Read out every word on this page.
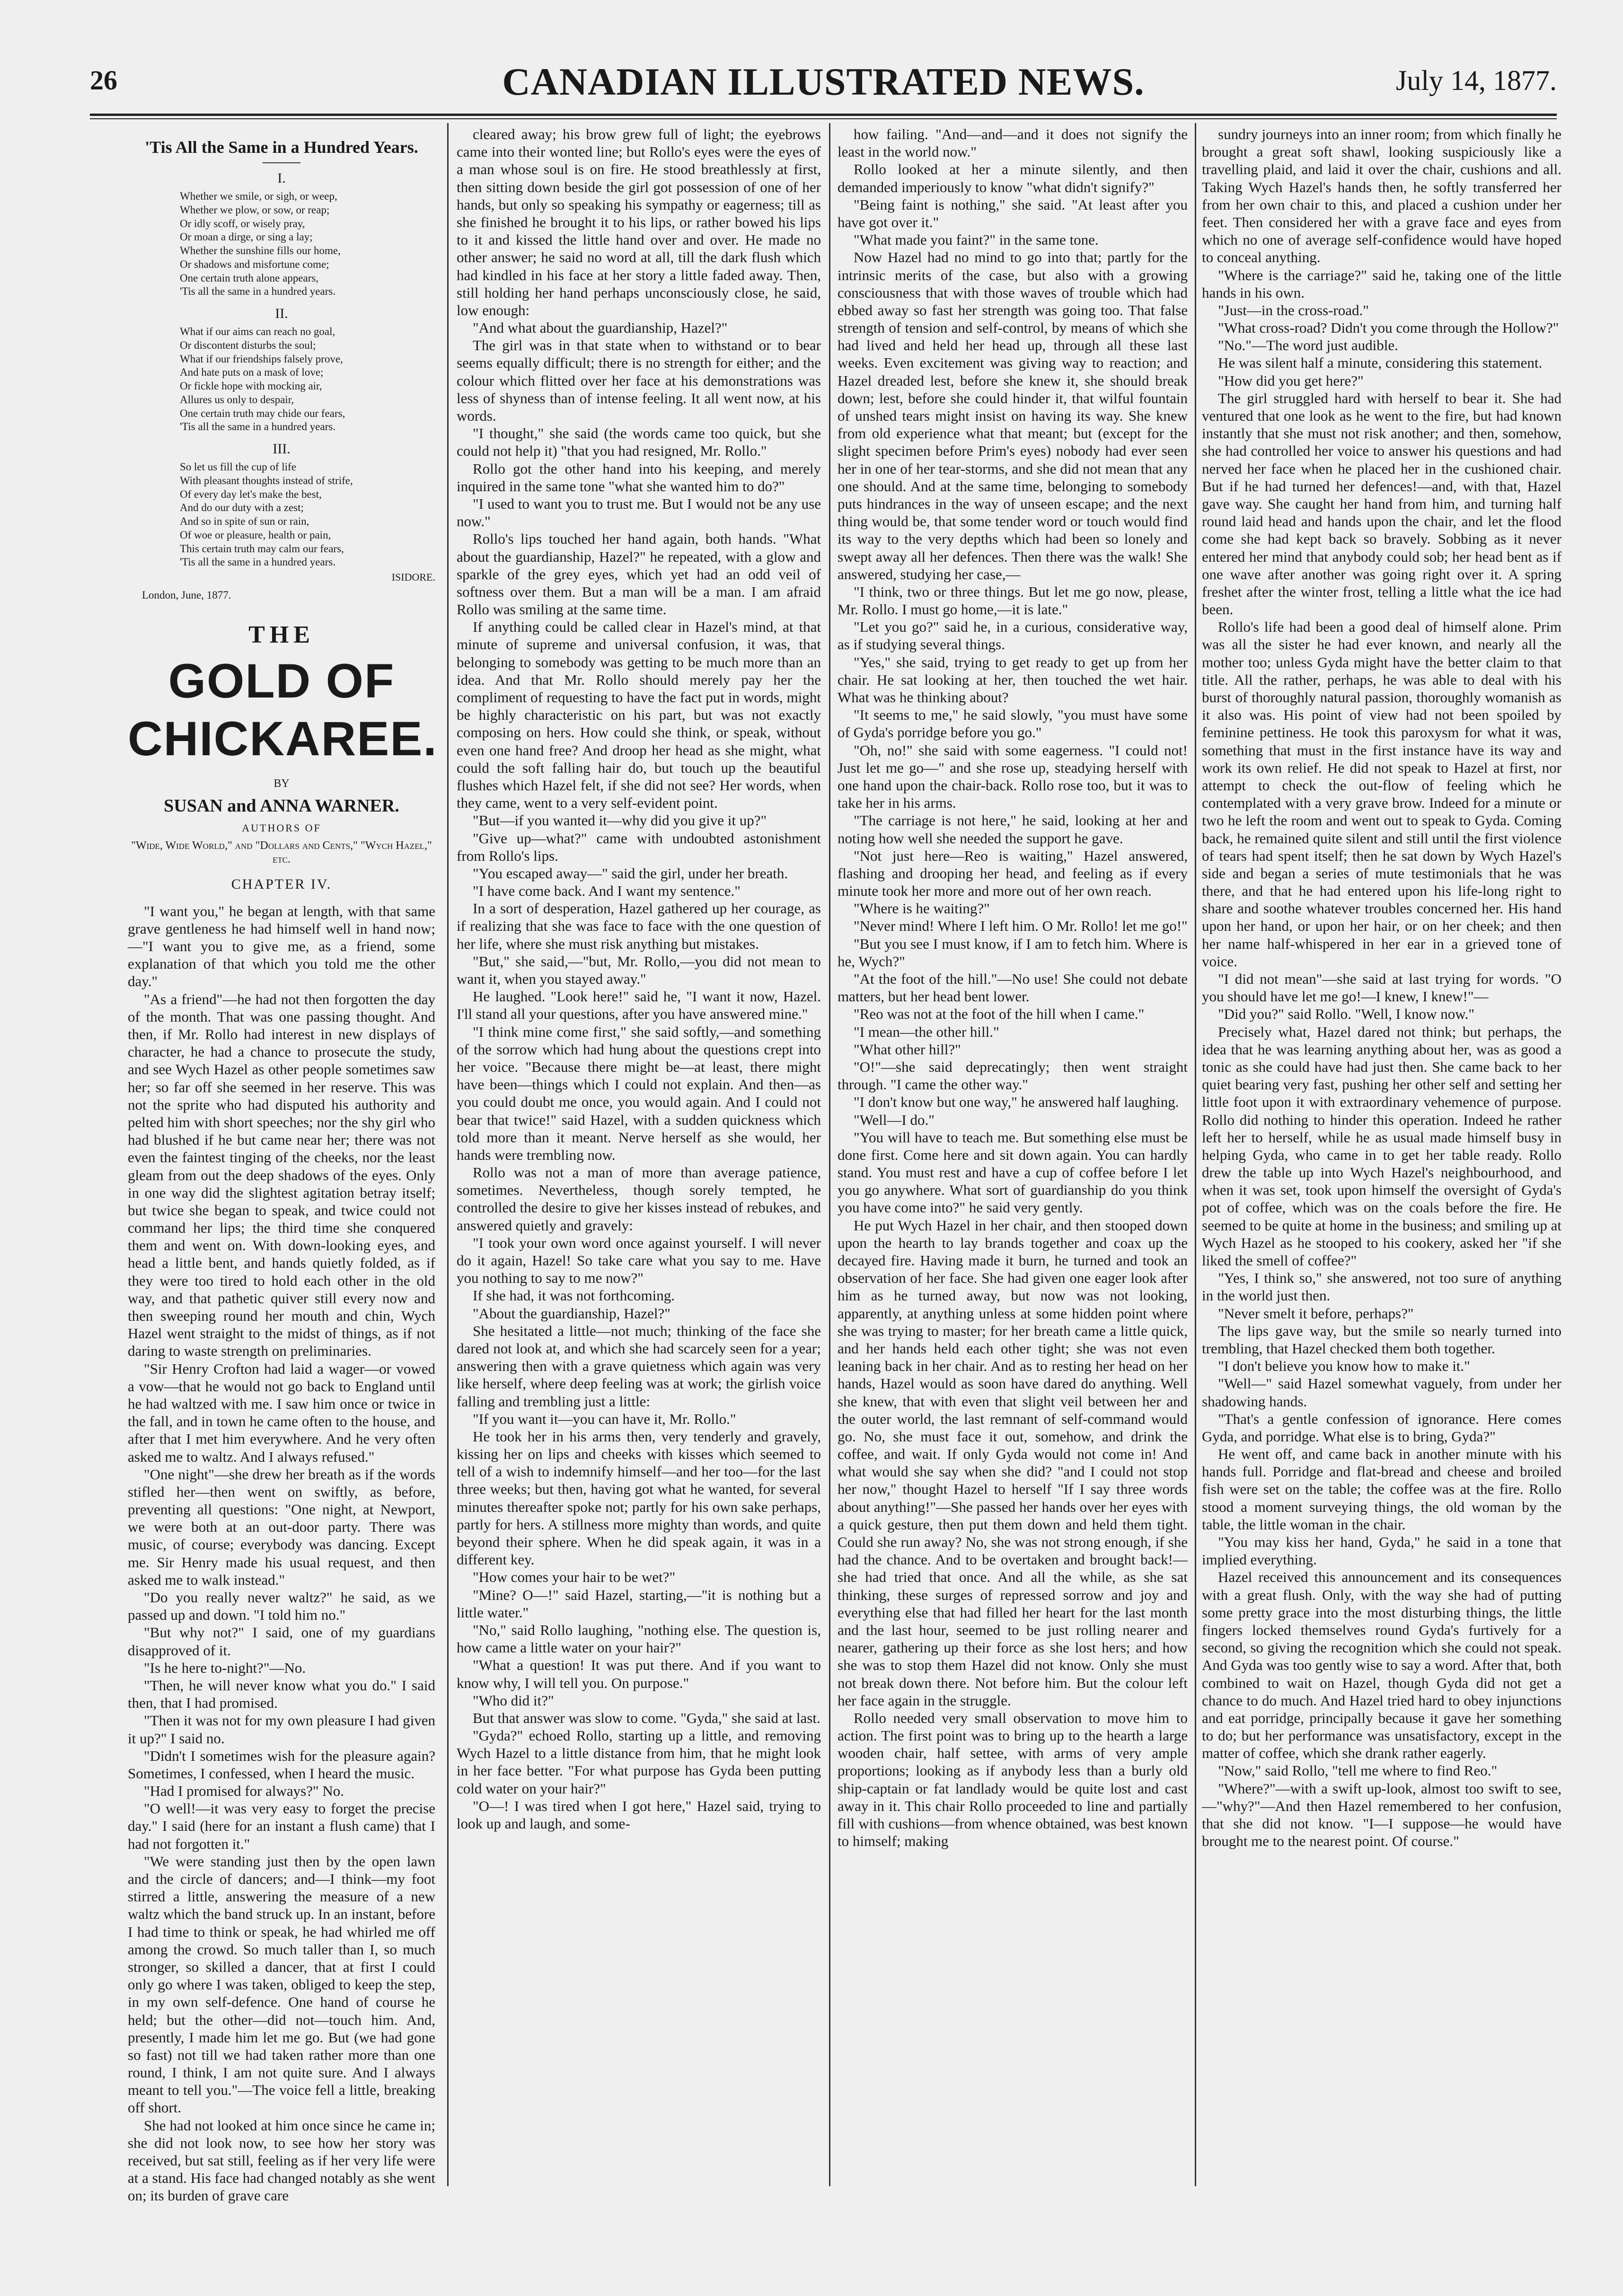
26	CANADIAN ILLUSTRATED NEWS.	July 14, 1877.
'Tis All the Same in a Hundred Years.
I.
Whether we smile, or sigh, or weep,
Whether we plow, or sow, or reap;
Or idly scoff, or wisely pray,
Or moan a dirge, or sing a lay;
Whether the sunshine fills our home,
Or shadows and misfortune come;
One certain truth alone appears,
'Tis all the same in a hundred years.
II.
What if our aims can reach no goal,
Or discontent disturbs the soul;
What if our friendships falsely prove,
And hate puts on a mask of love;
Or fickle hope with mocking air,
Allures us only to despair,
One certain truth may chide our fears,
'Tis all the same in a hundred years.
III.
So let us fill the cup of life
With pleasant thoughts instead of strife,
Of every day let's make the best,
And do our duty with a zest;
And so in spite of sun or rain,
Of woe or pleasure, health or pain,
This certain truth may calm our fears,
'Tis all the same in a hundred years.
ISIDORE.
London, June, 1877.
THE
GOLD OF CHICKAREE.
BY
SUSAN and ANNA WARNER.
AUTHORS OF
"Wide, Wide World," and "Dollars and Cents," "Wych Hazel," etc.
CHAPTER IV.

"I want you," he began at length, with that same grave gentleness he had himself well in hand now;—"I want you to give me, as a friend, some explanation of that which you told me the other day."

"As a friend"—he had not then forgotten the day of the month. That was one passing thought. And then, if Mr. Rollo had interest in new displays of character, he had a chance to prosecute the study, and see Wych Hazel as other people sometimes saw her; so far off she seemed in her reserve. This was not the sprite who had disputed his authority and pelted him with short speeches; nor the shy girl who had blushed if he but came near her; there was not even the faintest tinging of the cheeks, nor the least gleam from out the deep shadows of the eyes. Only in one way did the slightest agitation betray itself; but twice she began to speak, and twice could not command her lips; the third time she conquered them and went on. With down-looking eyes, and head a little bent, and hands quietly folded, as if they were too tired to hold each other in the old way, and that pathetic quiver still every now and then sweeping round her mouth and chin, Wych Hazel went straight to the midst of things, as if not daring to waste strength on preliminaries.

"Sir Henry Crofton had laid a wager—or vowed a vow—that he would not go back to England until he had waltzed with me. I saw him once or twice in the fall, and in town he came often to the house, and after that I met him everywhere. And he very often asked me to waltz. And I always refused."

"One night"—she drew her breath as if the words stifled her—then went on swiftly, as before, preventing all questions: "One night, at Newport, we were both at an out-door party. There was music, of course; everybody was dancing. Except me. Sir Henry made his usual request, and then asked me to walk instead."

"Do you really never waltz?" he said, as we passed up and down. "I told him no."

"But why not?" I said, one of my guardians disapproved of it.

"Is he here to-night?"—No.

"Then, he will never know what you do." I said then, that I had promised.

"Then it was not for my own pleasure I had given it up?" I said no.

"Didn't I sometimes wish for the pleasure again? Sometimes, I confessed, when I heard the music.

"Had I promised for always?" No.

"O well!—it was very easy to forget the precise day." I said (here for an instant a flush came) that I had not forgotten it."

"We were standing just then by the open lawn and the circle of dancers; and—I think—my foot stirred a little, answering the measure of a new waltz which the band struck up. In an instant, before I had time to think or speak, he had whirled me off among the crowd. So much taller than I, so much stronger, so skilled a dancer, that at first I could only go where I was taken, obliged to keep the step, in my own self-defence. One hand of course he held; but the other—did not—touch him. And, presently, I made him let me go. But (we had gone so fast) not till we had taken rather more than one round, I think, I am not quite sure. And I always meant to tell you."—The voice fell a little, breaking off short.

She had not looked at him once since he came in; she did not look now, to see how her story was received, but sat still, feeling as if her very life were at a stand. His face had changed notably as she went on; its burden of grave care

cleared away; his brow grew full of light; the eyebrows came into their wonted line; but Rollo's eyes were the eyes of a man whose soul is on fire. He stood breathlessly at first, then sitting down beside the girl got possession of one of her hands, but only so speaking his sympathy or eagerness; till as she finished he brought it to his lips, or rather bowed his lips to it and kissed the little hand over and over. He made no other answer; he said no word at all, till the dark flush which had kindled in his face at her story a little faded away. Then, still holding her hand perhaps unconsciously close, he said, low enough:

"And what about the guardianship, Hazel?"

The girl was in that state when to withstand or to bear seems equally difficult; there is no strength for either; and the colour which flitted over her face at his demonstrations was less of shyness than of intense feeling. It all went now, at his words.

"I thought," she said (the words came too quick, but she could not help it) "that you had resigned, Mr. Rollo."

Rollo got the other hand into his keeping, and merely inquired in the same tone "what she wanted him to do?"

"I used to want you to trust me. But I would not be any use now."

Rollo's lips touched her hand again, both hands. "What about the guardianship, Hazel?" he repeated, with a glow and sparkle of the grey eyes, which yet had an odd veil of softness over them. But a man will be a man. I am afraid Rollo was smiling at the same time.

If anything could be called clear in Hazel's mind, at that minute of supreme and universal confusion, it was, that belonging to somebody was getting to be much more than an idea. And that Mr. Rollo should merely pay her the compliment of requesting to have the fact put in words, might be highly characteristic on his part, but was not exactly composing on hers. How could she think, or speak, without even one hand free? And droop her head as she might, what could the soft falling hair do, but touch up the beautiful flushes which Hazel felt, if she did not see? Her words, when they came, went to a very self-evident point.

"But—if you wanted it—why did you give it up?"

"Give up—what?" came with undoubted astonishment from Rollo's lips.

"You escaped away—" said the girl, under her breath.

"I have come back. And I want my sentence."

In a sort of desperation, Hazel gathered up her courage, as if realizing that she was face to face with the one question of her life, where she must risk anything but mistakes.

"But," she said,—"but, Mr. Rollo,—you did not mean to want it, when you stayed away."

He laughed. "Look here!" said he, "I want it now, Hazel. I'll stand all your questions, after you have answered mine."

"I think mine come first," she said softly,—and something of the sorrow which had hung about the questions crept into her voice. "Because there might be—at least, there might have been—things which I could not explain. And then—as you could doubt me once, you would again. And I could not bear that twice!" said Hazel, with a sudden quickness which told more than it meant. Nerve herself as she would, her hands were trembling now.

Rollo was not a man of more than average patience, sometimes. Nevertheless, though sorely tempted, he controlled the desire to give her kisses instead of rebukes, and answered quietly and gravely:

"I took your own word once against yourself. I will never do it again, Hazel! So take care what you say to me. Have you nothing to say to me now?"

If she had, it was not forthcoming.

"About the guardianship, Hazel?"

She hesitated a little—not much; thinking of the face she dared not look at, and which she had scarcely seen for a year; answering then with a grave quietness which again was very like herself, where deep feeling was at work; the girlish voice falling and trembling just a little:

"If you want it—you can have it, Mr. Rollo."

He took her in his arms then, very tenderly and gravely, kissing her on lips and cheeks with kisses which seemed to tell of a wish to indemnify himself—and her too—for the last three weeks; but then, having got what he wanted, for several minutes thereafter spoke not; partly for his own sake perhaps, partly for hers. A stillness more mighty than words, and quite beyond their sphere. When he did speak again, it was in a different key.

"How comes your hair to be wet?"

"Mine? O—!" said Hazel, starting,—"it is nothing but a little water."

"No," said Rollo laughing, "nothing else. The question is, how came a little water on your hair?"

"What a question! It was put there. And if you want to know why, I will tell you. On purpose."

"Who did it?"

But that answer was slow to come. "Gyda," she said at last.

"Gyda?" echoed Rollo, starting up a little, and removing Wych Hazel to a little distance from him, that he might look in her face better. "For what purpose has Gyda been putting cold water on your hair?"

"O—! I was tired when I got here," Hazel said, trying to look up and laugh, and some-

how failing. "And—and—and it does not signify the least in the world now."

Rollo looked at her a minute silently, and then demanded imperiously to know "what didn't signify?"

"Being faint is nothing," she said. "At least after you have got over it."

"What made you faint?" in the same tone.

Now Hazel had no mind to go into that; partly for the intrinsic merits of the case, but also with a growing consciousness that with those waves of trouble which had ebbed away so fast her strength was going too. That false strength of tension and self-control, by means of which she had lived and held her head up, through all these last weeks. Even excitement was giving way to reaction; and Hazel dreaded lest, before she knew it, she should break down; lest, before she could hinder it, that wilful fountain of unshed tears might insist on having its way. She knew from old experience what that meant; but (except for the slight specimen before Prim's eyes) nobody had ever seen her in one of her tear-storms, and she did not mean that any one should. And at the same time, belonging to somebody puts hindrances in the way of unseen escape; and the next thing would be, that some tender word or touch would find its way to the very depths which had been so lonely and swept away all her defences. Then there was the walk! She answered, studying her case,—

"I think, two or three things. But let me go now, please, Mr. Rollo. I must go home,—it is late."

"Let you go?" said he, in a curious, considerative way, as if studying several things.

"Yes," she said, trying to get ready to get up from her chair. He sat looking at her, then touched the wet hair. What was he thinking about?

"It seems to me," he said slowly, "you must have some of Gyda's porridge before you go."

"Oh, no!" she said with some eagerness. "I could not! Just let me go—" and she rose up, steadying herself with one hand upon the chair-back. Rollo rose too, but it was to take her in his arms.

"The carriage is not here," he said, looking at her and noting how well she needed the support he gave.

"Not just here—Reo is waiting," Hazel answered, flashing and drooping her head, and feeling as if every minute took her more and more out of her own reach.

"Where is he waiting?"

"Never mind! Where I left him. O Mr. Rollo! let me go!"

"But you see I must know, if I am to fetch him. Where is he, Wych?"

"At the foot of the hill."—No use! She could not debate matters, but her head bent lower.

"Reo was not at the foot of the hill when I came."

"I mean—the other hill."

"What other hill?"

"O!"—she said deprecatingly; then went straight through. "I came the other way."

"I don't know but one way," he answered half laughing.

"Well—I do."

"You will have to teach me. But something else must be done first. Come here and sit down again. You can hardly stand. You must rest and have a cup of coffee before I let you go anywhere. What sort of guardianship do you think you have come into?" he said very gently.

He put Wych Hazel in her chair, and then stooped down upon the hearth to lay brands together and coax up the decayed fire. Having made it burn, he turned and took an observation of her face. She had given one eager look after him as he turned away, but now was not looking, apparently, at anything unless at some hidden point where she was trying to master; for her breath came a little quick, and her hands held each other tight; she was not even leaning back in her chair. And as to resting her head on her hands, Hazel would as soon have dared do anything. Well she knew, that with even that slight veil between her and the outer world, the last remnant of self-command would go. No, she must face it out, somehow, and drink the coffee, and wait. If only Gyda would not come in! And what would she say when she did? "and I could not stop her now," thought Hazel to herself "If I say three words about anything!"—She passed her hands over her eyes with a quick gesture, then put them down and held them tight. Could she run away? No, she was not strong enough, if she had the chance. And to be overtaken and brought back!—she had tried that once. And all the while, as she sat thinking, these surges of repressed sorrow and joy and everything else that had filled her heart for the last month and the last hour, seemed to be just rolling nearer and nearer, gathering up their force as she lost hers; and how she was to stop them Hazel did not know. Only she must not break down there. Not before him. But the colour left her face again in the struggle.

Rollo needed very small observation to move him to action. The first point was to bring up to the hearth a large wooden chair, half settee, with arms of very ample proportions; looking as if anybody less than a burly old ship-captain or fat landlady would be quite lost and cast away in it. This chair Rollo proceeded to line and partially fill with cushions—from whence obtained, was best known to himself; making

sundry journeys into an inner room; from which finally he brought a great soft shawl, looking suspiciously like a travelling plaid, and laid it over the chair, cushions and all. Taking Wych Hazel's hands then, he softly transferred her from her own chair to this, and placed a cushion under her feet. Then considered her with a grave face and eyes from which no one of average self-confidence would have hoped to conceal anything.

"Where is the carriage?" said he, taking one of the little hands in his own.

"Just—in the cross-road."

"What cross-road? Didn't you come through the Hollow?"

"No."—The word just audible.

He was silent half a minute, considering this statement.

"How did you get here?"

The girl struggled hard with herself to bear it. She had ventured that one look as he went to the fire, but had known instantly that she must not risk another; and then, somehow, she had controlled her voice to answer his questions and had nerved her face when he placed her in the cushioned chair. But if he had turned her defences!—and, with that, Hazel gave way. She caught her hand from him, and turning half round laid head and hands upon the chair, and let the flood come she had kept back so bravely. Sobbing as it never entered her mind that anybody could sob; her head bent as if one wave after another was going right over it. A spring freshet after the winter frost, telling a little what the ice had been.

Rollo's life had been a good deal of himself alone. Prim was all the sister he had ever known, and nearly all the mother too; unless Gyda might have the better claim to that title. All the rather, perhaps, he was able to deal with his burst of thoroughly natural passion, thoroughly womanish as it also was. His point of view had not been spoiled by feminine pettiness. He took this paroxysm for what it was, something that must in the first instance have its way and work its own relief. He did not speak to Hazel at first, nor attempt to check the out-flow of feeling which he contemplated with a very grave brow. Indeed for a minute or two he left the room and went out to speak to Gyda. Coming back, he remained quite silent and still until the first violence of tears had spent itself; then he sat down by Wych Hazel's side and began a series of mute testimonials that he was there, and that he had entered upon his life-long right to share and soothe whatever troubles concerned her. His hand upon her hand, or upon her hair, or on her cheek; and then her name half-whispered in her ear in a grieved tone of voice.

"I did not mean"—she said at last trying for words. "O you should have let me go!—I knew, I knew!"—

"Did you?" said Rollo. "Well, I know now."

Precisely what, Hazel dared not think; but perhaps, the idea that he was learning anything about her, was as good a tonic as she could have had just then. She came back to her quiet bearing very fast, pushing her other self and setting her little foot upon it with extraordinary vehemence of purpose. Rollo did nothing to hinder this operation. Indeed he rather left her to herself, while he as usual made himself busy in helping Gyda, who came in to get her table ready. Rollo drew the table up into Wych Hazel's neighbourhood, and when it was set, took upon himself the oversight of Gyda's pot of coffee, which was on the coals before the fire. He seemed to be quite at home in the business; and smiling up at Wych Hazel as he stooped to his cookery, asked her "if she liked the smell of coffee?"

"Yes, I think so," she answered, not too sure of anything in the world just then.

"Never smelt it before, perhaps?"

The lips gave way, but the smile so nearly turned into trembling, that Hazel checked them both together.

"I don't believe you know how to make it."

"Well—" said Hazel somewhat vaguely, from under her shadowing hands.

"That's a gentle confession of ignorance. Here comes Gyda, and porridge. What else is to bring, Gyda?"

He went off, and came back in another minute with his hands full. Porridge and flat-bread and cheese and broiled fish were set on the table; the coffee was at the fire. Rollo stood a moment surveying things, the old woman by the table, the little woman in the chair.

"You may kiss her hand, Gyda," he said in a tone that implied everything.

Hazel received this announcement and its consequences with a great flush. Only, with the way she had of putting some pretty grace into the most disturbing things, the little fingers locked themselves round Gyda's furtively for a second, so giving the recognition which she could not speak. And Gyda was too gently wise to say a word. After that, both combined to wait on Hazel, though Gyda did not get a chance to do much. And Hazel tried hard to obey injunctions and eat porridge, principally because it gave her something to do; but her performance was unsatisfactory, except in the matter of coffee, which she drank rather eagerly.

"Now," said Rollo, "tell me where to find Reo."

"Where?"—with a swift up-look, almost too swift to see,—"why?"—And then Hazel remembered to her confusion, that she did not know. "I—I suppose—he would have brought me to the nearest point. Of course."
